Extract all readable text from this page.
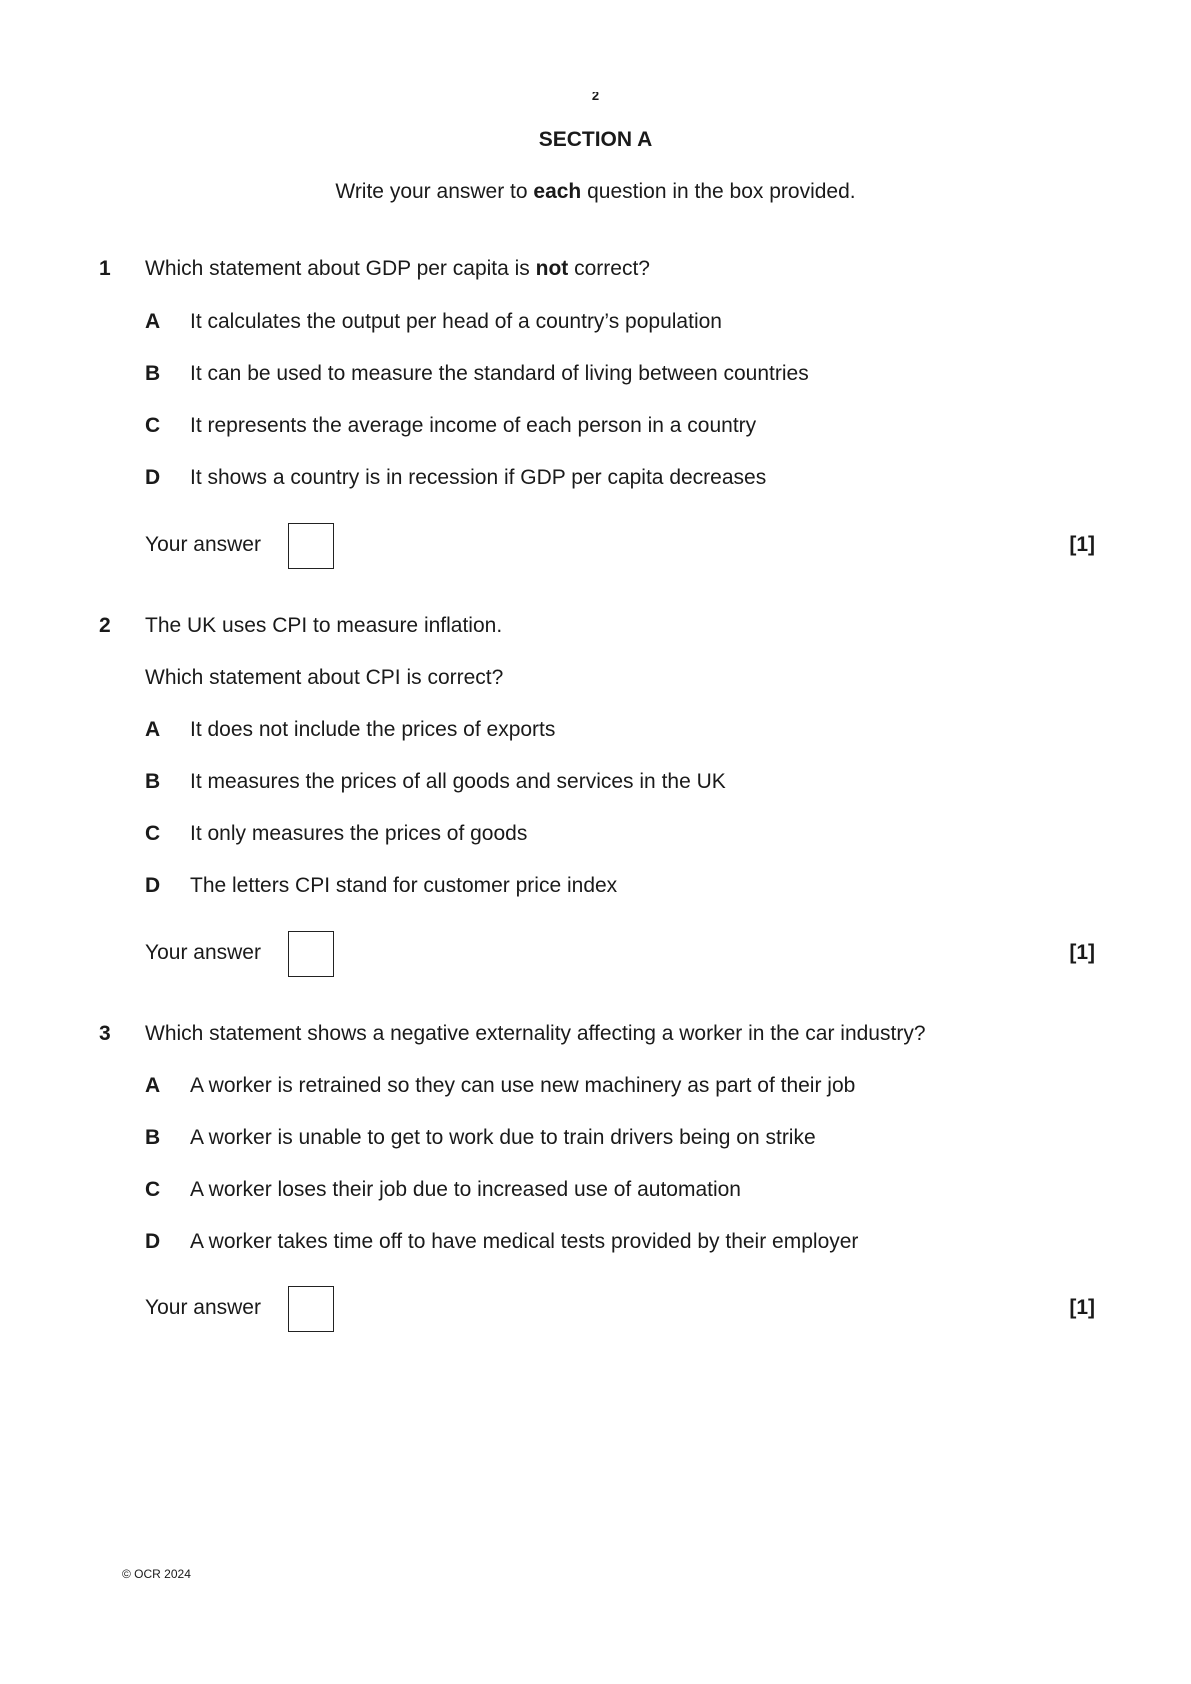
2
SECTION A
Write your answer to each question in the box provided.
1 Which statement about GDP per capita is not correct?
A It calculates the output per head of a country’s population
B It can be used to measure the standard of living between countries
C It represents the average income of each person in a country
D It shows a country is in recession if GDP per capita decreases
Your answer	[1]
2 The UK uses CPI to measure inflation.
Which statement about CPI is correct?
A It does not include the prices of exports
B It measures the prices of all goods and services in the UK
C It only measures the prices of goods
D The letters CPI stand for customer price index
Your answer	[1]
3 Which statement shows a negative externality affecting a worker in the car industry?
A A worker is retrained so they can use new machinery as part of their job
B A worker is unable to get to work due to train drivers being on strike
C A worker loses their job due to increased use of automation
D A worker takes time off to have medical tests provided by their employer
Your answer	[1]
© OCR 2024
